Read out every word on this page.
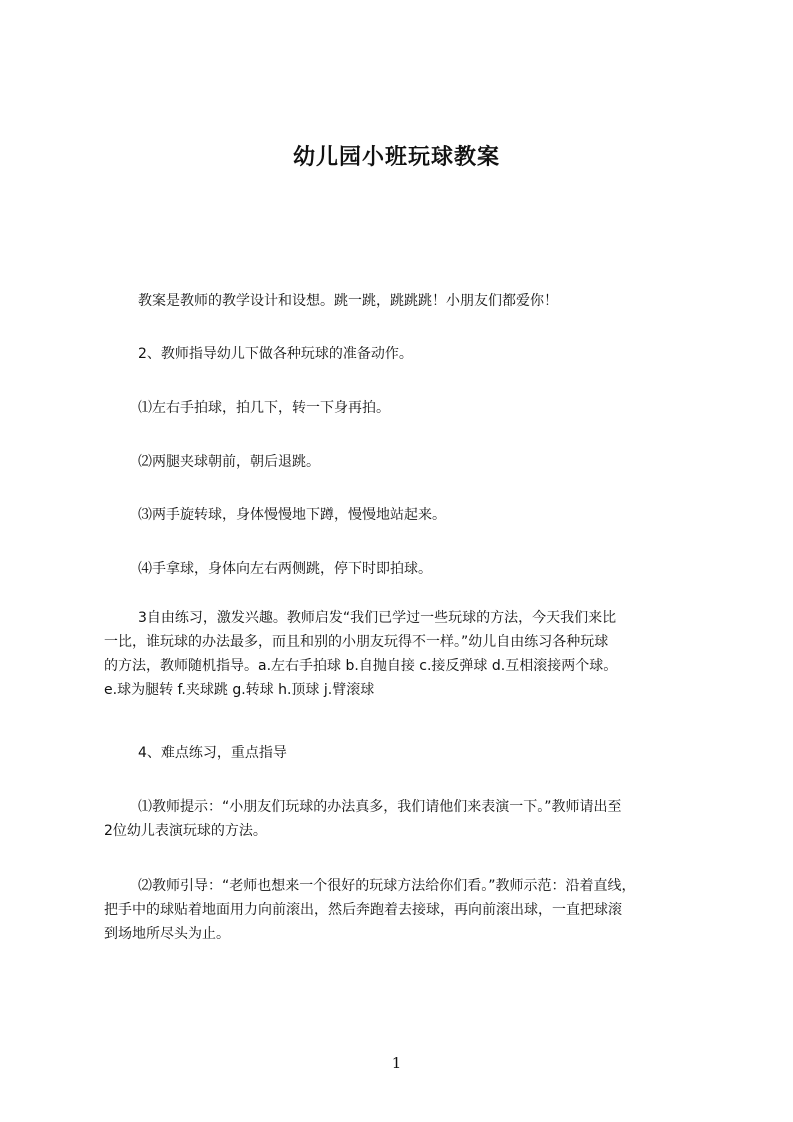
幼儿园小班玩球教案
教案是教师的教学设计和设想。跳一跳，跳跳跳！小朋友们都爱你！
2、教师指导幼儿下做各种玩球的准备动作。
⑴左右手拍球，拍几下，转一下身再拍。
⑵两腿夹球朝前，朝后退跳。
⑶两手旋转球，身体慢慢地下蹲，慢慢地站起来。
⑷手拿球，身体向左右两侧跳，停下时即拍球。
3自由练习，激发兴趣。教师启发“我们已学过一些玩球的方法，今天我们来比
一比，谁玩球的办法最多，而且和别的小朋友玩得不一样。”幼儿自由练习各种玩球
的方法，教师随机指导。a.左右手拍球 b.自抛自接 c.接反弹球 d.互相滚接两个球。
e.球为腿转 f.夹球跳 g.转球 h.顶球 j.臂滚球
4、难点练习，重点指导
⑴教师提示：“小朋友们玩球的办法真多，我们请他们来表演一下。”教师请出至
2位幼儿表演玩球的方法。
⑵教师引导：“老师也想来一个很好的玩球方法给你们看。”教师示范：沿着直线，
把手中的球贴着地面用力向前滚出，然后奔跑着去接球，再向前滚出球，一直把球滚
到场地所尽头为止。
1
